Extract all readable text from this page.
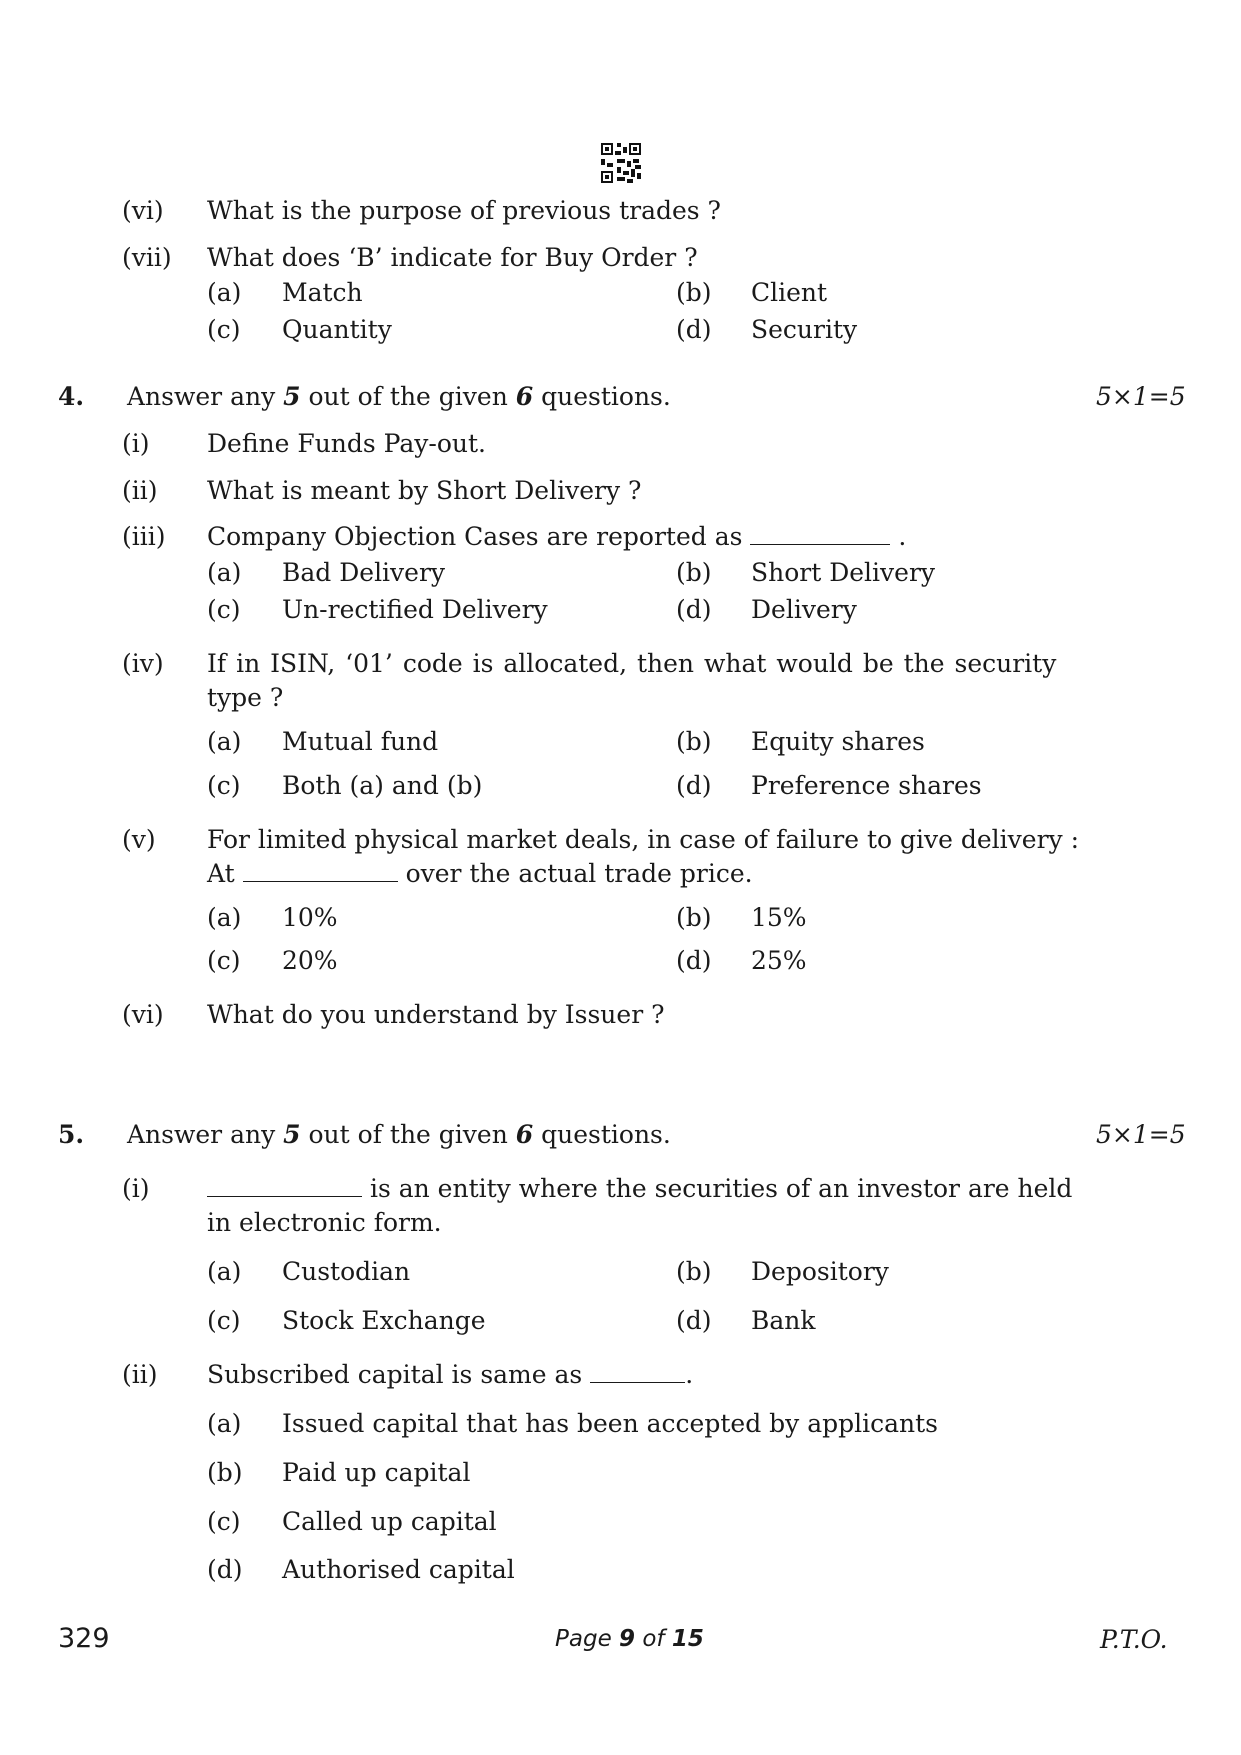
(vi) What is the purpose of previous trades ?
(vii) What does ‘B’ indicate for Buy Order ?
(a) Match	(b) Client
(c) Quantity	(d) Security
4. Answer any 5 out of the given 6 questions.	5×1=5
(i) Define Funds Pay-out.
(ii) What is meant by Short Delivery ?
(iii) Company Objection Cases are reported as	.
(a) Bad Delivery	(b) Short Delivery
(c) Un-rectified Delivery	(d) Delivery
(iv) If in ISIN, ‘01’ code is allocated, then what would be the security
type ?
(a) Mutual fund	(b) Equity shares
(c) Both (a) and (b)	(d) Preference shares
(v) For limited physical market deals, in case of failure to give delivery :
At	over the actual trade price.
(a) 10%	(b) 15%
(c) 20%	(d) 25%
(vi) What do you understand by Issuer ?
5. Answer any 5 out of the given 6 questions.	5×1=5
(i)	is an entity where the securities of an investor are held
in electronic form.
(a) Custodian	(b) Depository
(c) Stock Exchange	(d) Bank
(ii) Subscribed capital is same as	.
(a) Issued capital that has been accepted by applicants
(b) Paid up capital
(c) Called up capital
(d) Authorised capital
329	Page 9 of 15	P.T.O.
